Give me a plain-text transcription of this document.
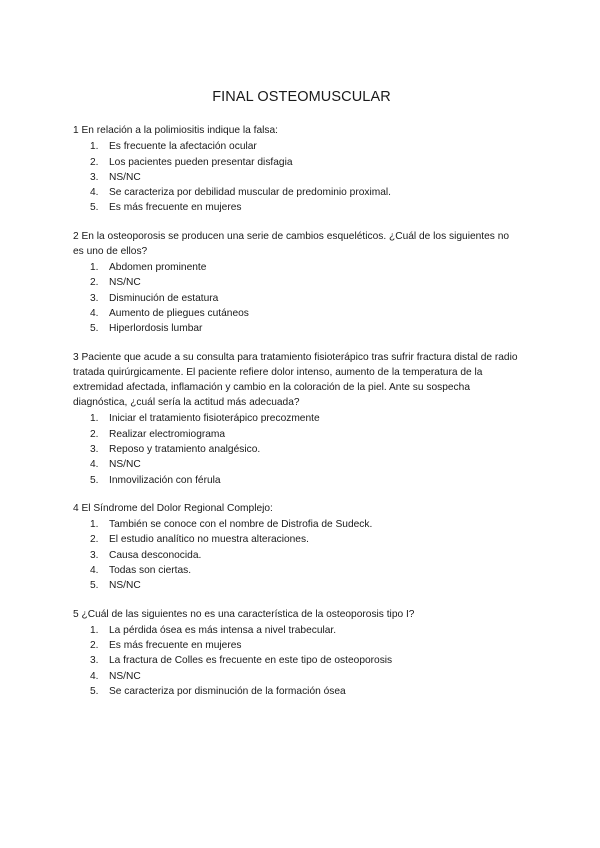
FINAL OSTEOMUSCULAR
1 En relación a la polimiositis indique la falsa:
1.	Es frecuente la afectación ocular
2.	Los pacientes pueden presentar disfagia
3.	NS/NC
4.	Se caracteriza por debilidad muscular de predominio proximal.
5.	Es más frecuente en mujeres
2 En la osteoporosis se producen una serie de cambios esqueléticos. ¿Cuál de los siguientes no es uno de ellos?
1.	Abdomen prominente
2.	NS/NC
3.	Disminución de estatura
4.	Aumento de pliegues cutáneos
5.	Hiperlordosis lumbar
3 Paciente que acude a su consulta para tratamiento fisioterápico tras sufrir fractura distal de radio tratada quirúrgicamente. El paciente refiere dolor intenso, aumento de la temperatura de la extremidad afectada, inflamación y cambio en la coloración de la piel. Ante su sospecha diagnóstica, ¿cuál sería la actitud más adecuada?
1.	Iniciar el tratamiento fisioterápico precozmente
2.	Realizar electromiograma
3.	Reposo y tratamiento analgésico.
4.	NS/NC
5.	Inmovilización con férula
4 El Síndrome del Dolor Regional Complejo:
1.	También se conoce con el nombre de Distrofia de Sudeck.
2.	El estudio analítico no muestra alteraciones.
3.	Causa desconocida.
4.	Todas son ciertas.
5.	NS/NC
5 ¿Cuál de las siguientes no es una característica de la osteoporosis tipo I?
1.	La pérdida ósea es más intensa a nivel trabecular.
2.	Es más frecuente en mujeres
3.	La fractura de Colles es frecuente en este tipo de osteoporosis
4.	NS/NC
5.	Se caracteriza por disminución de la formación ósea
